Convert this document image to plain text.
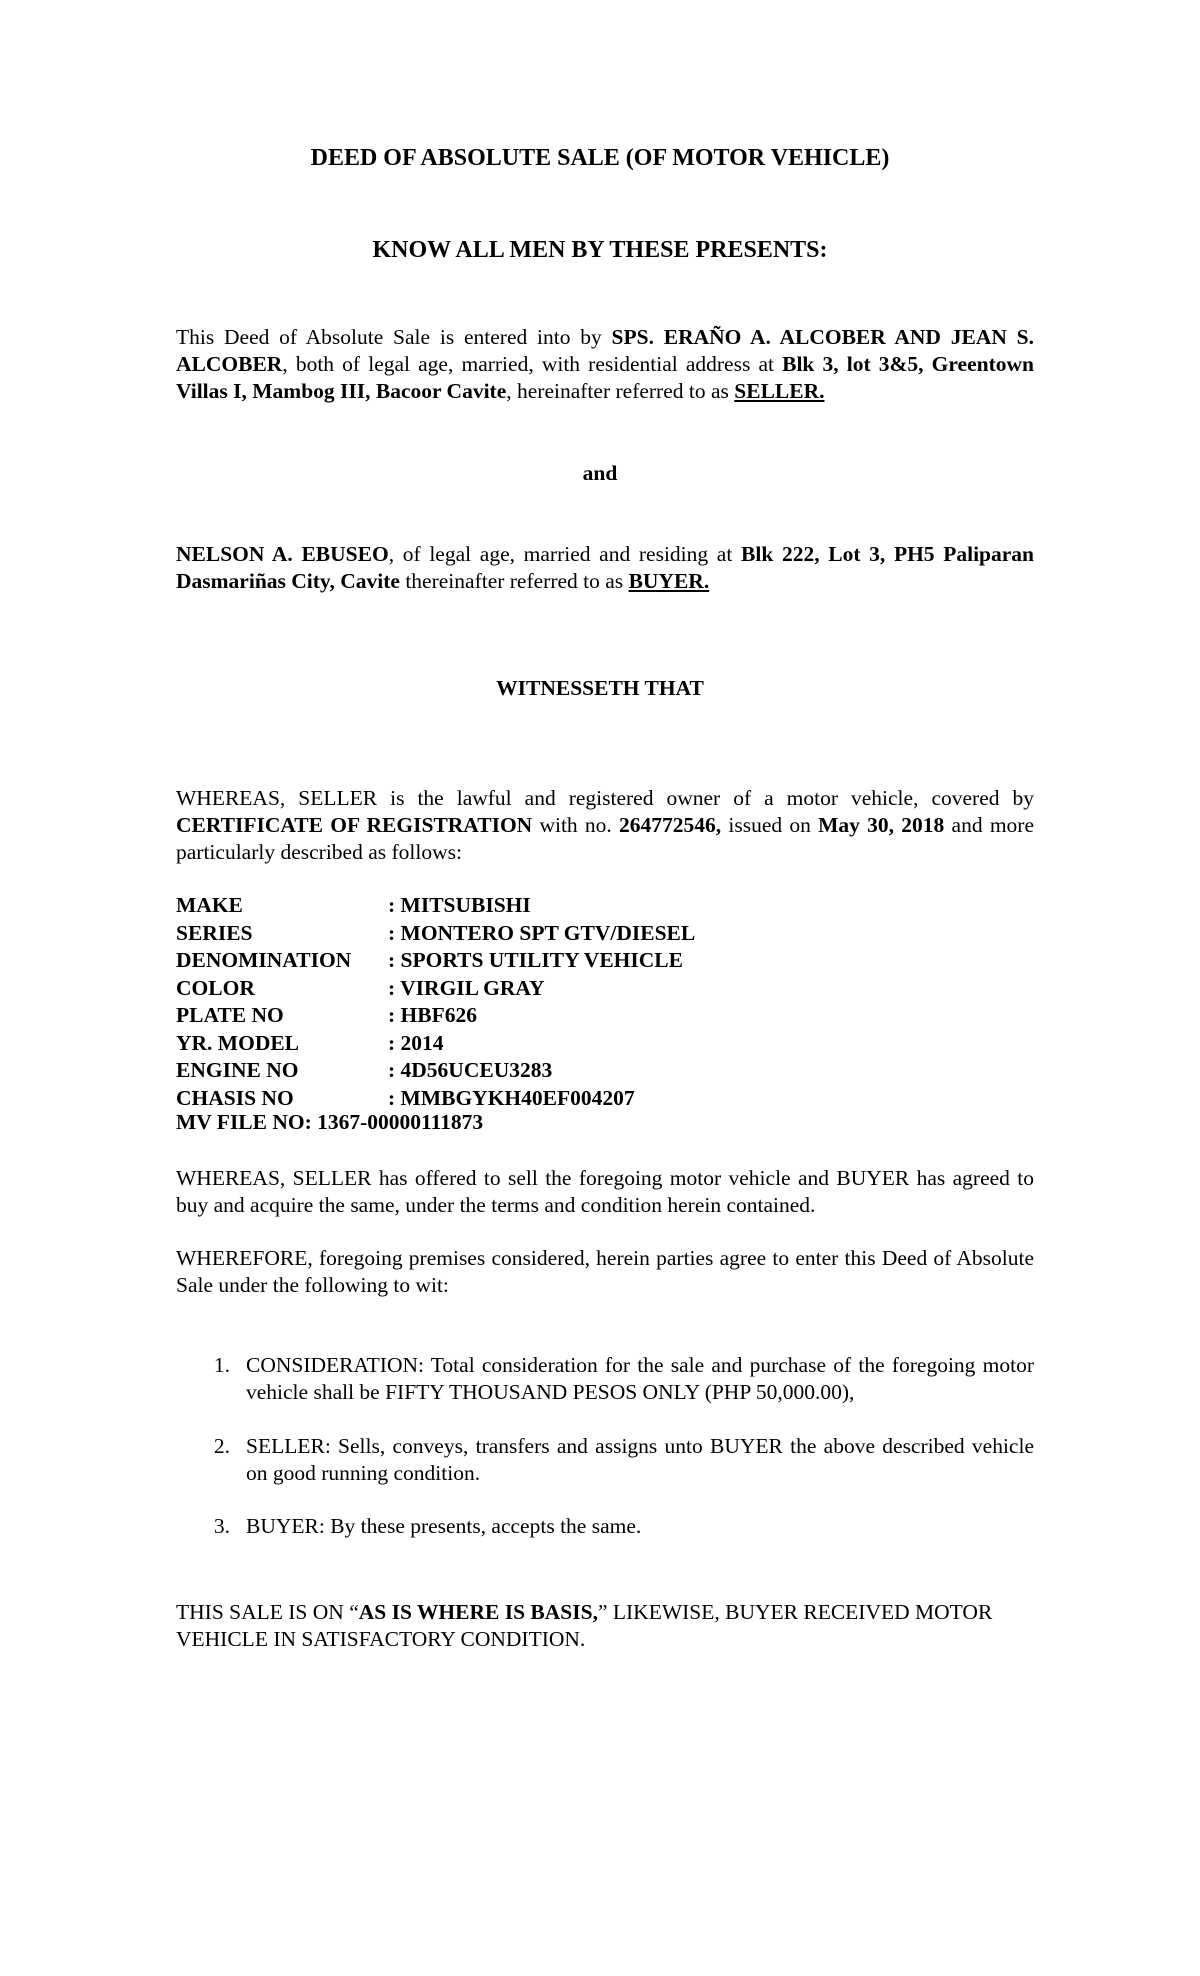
DEED OF ABSOLUTE SALE (OF MOTOR VEHICLE)
KNOW ALL MEN BY THESE PRESENTS:

This Deed of Absolute Sale is entered into by SPS. ERAÑO A. ALCOBER AND JEAN S. ALCOBER, both of legal age, married, with residential address at Blk 3, lot 3&5, Greentown Villas I, Mambog III, Bacoor Cavite, hereinafter referred to as SELLER.

and

NELSON A. EBUSEO, of legal age, married and residing at Blk 222, Lot 3, PH5 Paliparan Dasmariñas City, Cavite thereinafter referred to as BUYER.

WITNESSETH THAT

WHEREAS, SELLER is the lawful and registered owner of a motor vehicle, covered by CERTIFICATE OF REGISTRATION with no. 264772546, issued on May 30, 2018 and more particularly described as follows:

MAKE	: MITSUBISHI
SERIES	: MONTERO SPT GTV/DIESEL
DENOMINATION	: SPORTS UTILITY VEHICLE
COLOR	: VIRGIL GRAY
PLATE NO	: HBF626
YR. MODEL	: 2014
ENGINE NO	: 4D56UCEU3283
CHASIS NO	: MMBGYKH40EF004207

MV FILE NO: 1367-00000111873

WHEREAS, SELLER has offered to sell the foregoing motor vehicle and BUYER has agreed to buy and acquire the same, under the terms and condition herein contained.

WHEREFORE, foregoing premises considered, herein parties agree to enter this Deed of Absolute Sale under the following to wit:

1. CONSIDERATION: Total consideration for the sale and purchase of the foregoing motor vehicle shall be FIFTY THOUSAND PESOS ONLY (PHP 50,000.00),
2. SELLER: Sells, conveys, transfers and assigns unto BUYER the above described vehicle on good running condition.
3. BUYER: By these presents, accepts the same.

THIS SALE IS ON “AS IS WHERE IS BASIS,” LIKEWISE, BUYER RECEIVED MOTOR VEHICLE IN SATISFACTORY CONDITION.
